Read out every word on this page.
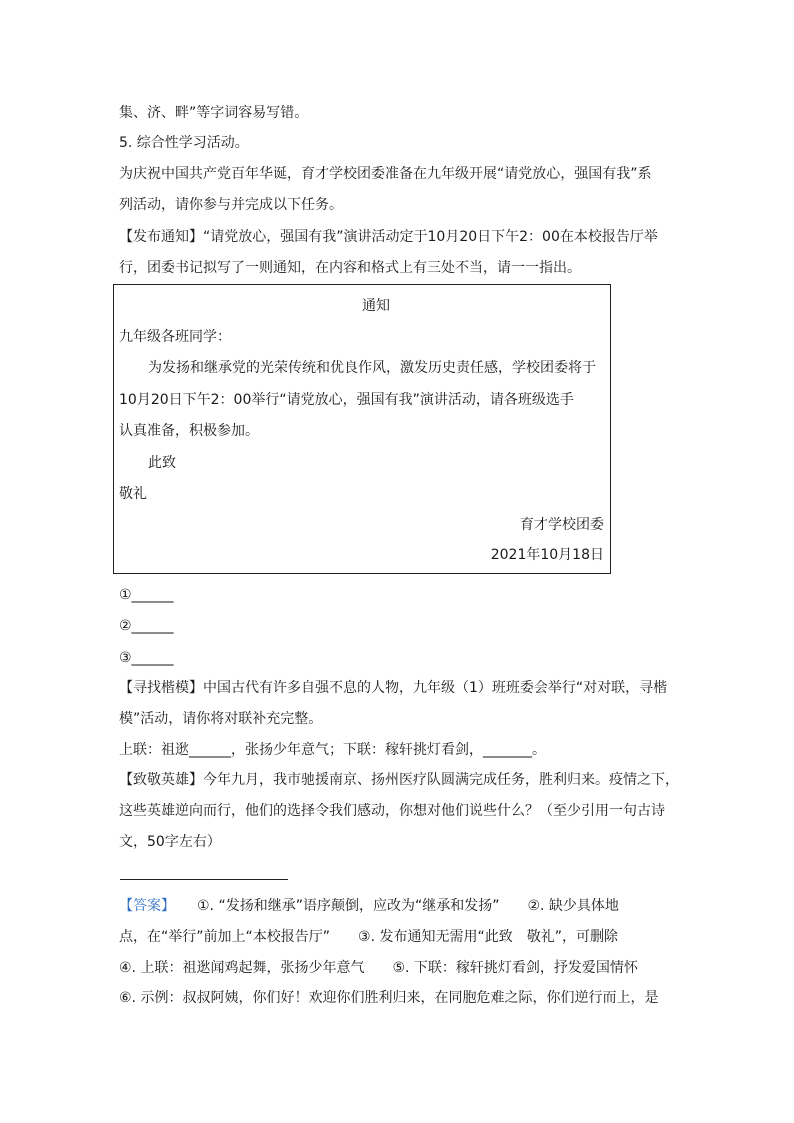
集、济、畔”等字词容易写错。
5. 综合性学习活动。
为庆祝中国共产党百年华诞，育才学校团委准备在九年级开展“请党放心，强国有我”系
列活动，请你参与并完成以下任务。
【发布通知】“请党放心，强国有我”演讲活动定于10月20日下午2：00在本校报告厅举
行，团委书记拟写了一则通知，在内容和格式上有三处不当，请一一指出。
通知
九年级各班同学：
为发扬和继承党的光荣传统和优良作风，激发历史责任感，学校团委将于
10月20日下午2：00举行“请党放心，强国有我”演讲活动，请各班级选手
认真准备，积极参加。
此致
敬礼
育才学校团委
2021年10月18日
①______
②______
③______
【寻找楷模】中国古代有许多自强不息的人物，九年级（1）班班委会举行“对对联，寻楷
模”活动，请你将对联补充完整。
上联：祖逖______，张扬少年意气；下联：稼轩挑灯看剑，_______。
【致敬英雄】今年九月，我市驰援南京、扬州医疗队圆满完成任务，胜利归来。疫情之下，
这些英雄逆向而行，他们的选择令我们感动，你想对他们说些什么？（至少引用一句古诗
文，50字左右）
【答案】 ①. “发扬和继承”语序颠倒，应改为“继承和发扬” ②. 缺少具体地
点，在“举行”前加上“本校报告厅” ③. 发布通知无需用“此致　敬礼”，可删除
④. 上联：祖逖闻鸡起舞，张扬少年意气 ⑤. 下联：稼轩挑灯看剑，抒发爱国情怀
⑥. 示例：叔叔阿姨，你们好！欢迎你们胜利归来，在同胞危难之际，你们逆行而上，是
